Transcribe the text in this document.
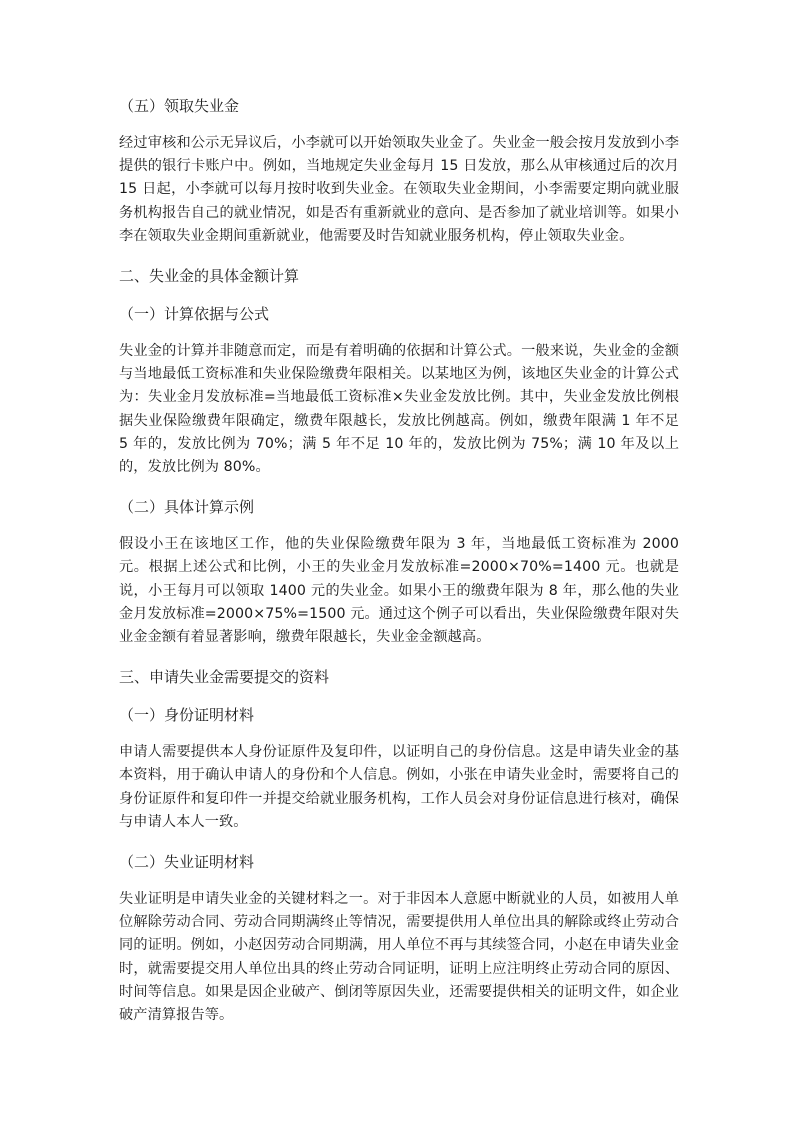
（五）领取失业金

经过审核和公示无异议后，小李就可以开始领取失业金了。失业金一般会按月发放到小李提供的银行卡账户中。例如，当地规定失业金每月 15 日发放，那么从审核通过后的次月 15 日起，小李就可以每月按时收到失业金。在领取失业金期间，小李需要定期向就业服务机构报告自己的就业情况，如是否有重新就业的意向、是否参加了就业培训等。如果小李在领取失业金期间重新就业，他需要及时告知就业服务机构，停止领取失业金。

二、失业金的具体金额计算

（一）计算依据与公式

失业金的计算并非随意而定，而是有着明确的依据和计算公式。一般来说，失业金的金额与当地最低工资标准和失业保险缴费年限相关。以某地区为例，该地区失业金的计算公式为：失业金月发放标准=当地最低工资标准×失业金发放比例。其中，失业金发放比例根据失业保险缴费年限确定，缴费年限越长，发放比例越高。例如，缴费年限满 1 年不足 5 年的，发放比例为 70%；满 5 年不足 10 年的，发放比例为 75%；满 10 年及以上的，发放比例为 80%。

（二）具体计算示例

假设小王在该地区工作，他的失业保险缴费年限为 3 年，当地最低工资标准为 2000 元。根据上述公式和比例，小王的失业金月发放标准=2000×70%=1400 元。也就是说，小王每月可以领取 1400 元的失业金。如果小王的缴费年限为 8 年，那么他的失业金月发放标准=2000×75%=1500 元。通过这个例子可以看出，失业保险缴费年限对失业金金额有着显著影响，缴费年限越长，失业金金额越高。

三、申请失业金需要提交的资料

（一）身份证明材料

申请人需要提供本人身份证原件及复印件，以证明自己的身份信息。这是申请失业金的基本资料，用于确认申请人的身份和个人信息。例如，小张在申请失业金时，需要将自己的身份证原件和复印件一并提交给就业服务机构，工作人员会对身份证信息进行核对，确保与申请人本人一致。

（二）失业证明材料

失业证明是申请失业金的关键材料之一。对于非因本人意愿中断就业的人员，如被用人单位解除劳动合同、劳动合同期满终止等情况，需要提供用人单位出具的解除或终止劳动合同的证明。例如，小赵因劳动合同期满，用人单位不再与其续签合同，小赵在申请失业金时，就需要提交用人单位出具的终止劳动合同证明，证明上应注明终止劳动合同的原因、时间等信息。如果是因企业破产、倒闭等原因失业，还需要提供相关的证明文件，如企业破产清算报告等。
